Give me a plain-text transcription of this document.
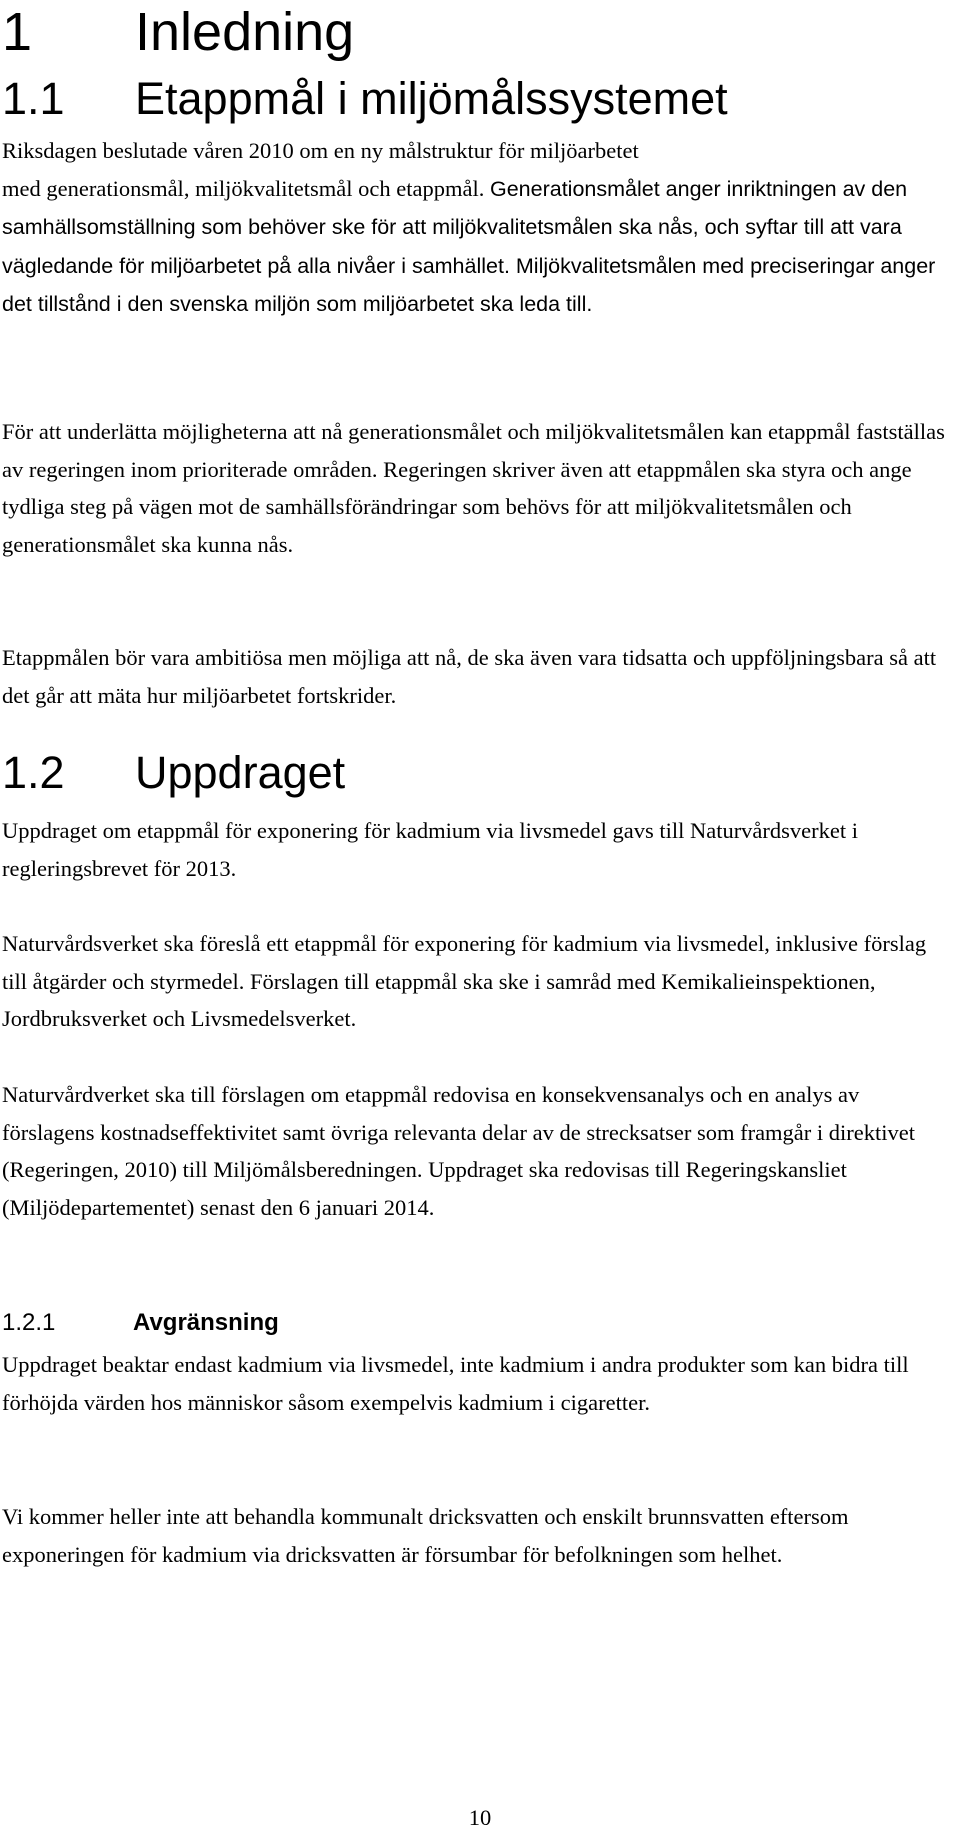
1 Inledning
1.1 Etappmål i miljömålssystemet

Riksdagen beslutade våren 2010 om en ny målstruktur för miljöarbetet
med generationsmål, miljökvalitetsmål och etappmål. Generationsmålet anger inriktningen av den samhällsomställning som behöver ske för att miljökvalitetsmålen ska nås, och syftar till att vara vägledande för miljöarbetet på alla nivåer i samhället. Miljökvalitetsmålen med preciseringar anger det tillstånd i den svenska miljön som miljöarbetet ska leda till.

För att underlätta möjligheterna att nå generationsmålet och miljökvalitetsmålen kan etappmål fastställas av regeringen inom prioriterade områden. Regeringen skriver även att etappmålen ska styra och ange tydliga steg på vägen mot de samhällsförändringar som behövs för att miljökvalitetsmålen och generationsmålet ska kunna nås.

Etappmålen bör vara ambitiösa men möjliga att nå, de ska även vara tidsatta och uppföljningsbara så att det går att mäta hur miljöarbetet fortskrider.

1.2 Uppdraget

Uppdraget om etappmål för exponering för kadmium via livsmedel gavs till Naturvårdsverket i regleringsbrevet för 2013.

Naturvårdsverket ska föreslå ett etappmål för exponering för kadmium via livsmedel, inklusive förslag till åtgärder och styrmedel. Förslagen till etappmål ska ske i samråd med Kemikalieinspektionen, Jordbruksverket och Livsmedelsverket.

Naturvårdverket ska till förslagen om etappmål redovisa en konsekvensanalys och en analys av förslagens kostnadseffektivitet samt övriga relevanta delar av de strecksatser som framgår i direktivet (Regeringen, 2010) till Miljömålsberedningen. Uppdraget ska redovisas till Regeringskansliet (Miljödepartementet) senast den 6 januari 2014.

1.2.1	Avgränsning

Uppdraget beaktar endast kadmium via livsmedel, inte kadmium i andra produkter som kan bidra till förhöjda värden hos människor såsom exempelvis kadmium i cigaretter.

Vi kommer heller inte att behandla kommunalt dricksvatten och enskilt brunnsvatten eftersom exponeringen för kadmium via dricksvatten är försumbar för befolkningen som helhet.

10
